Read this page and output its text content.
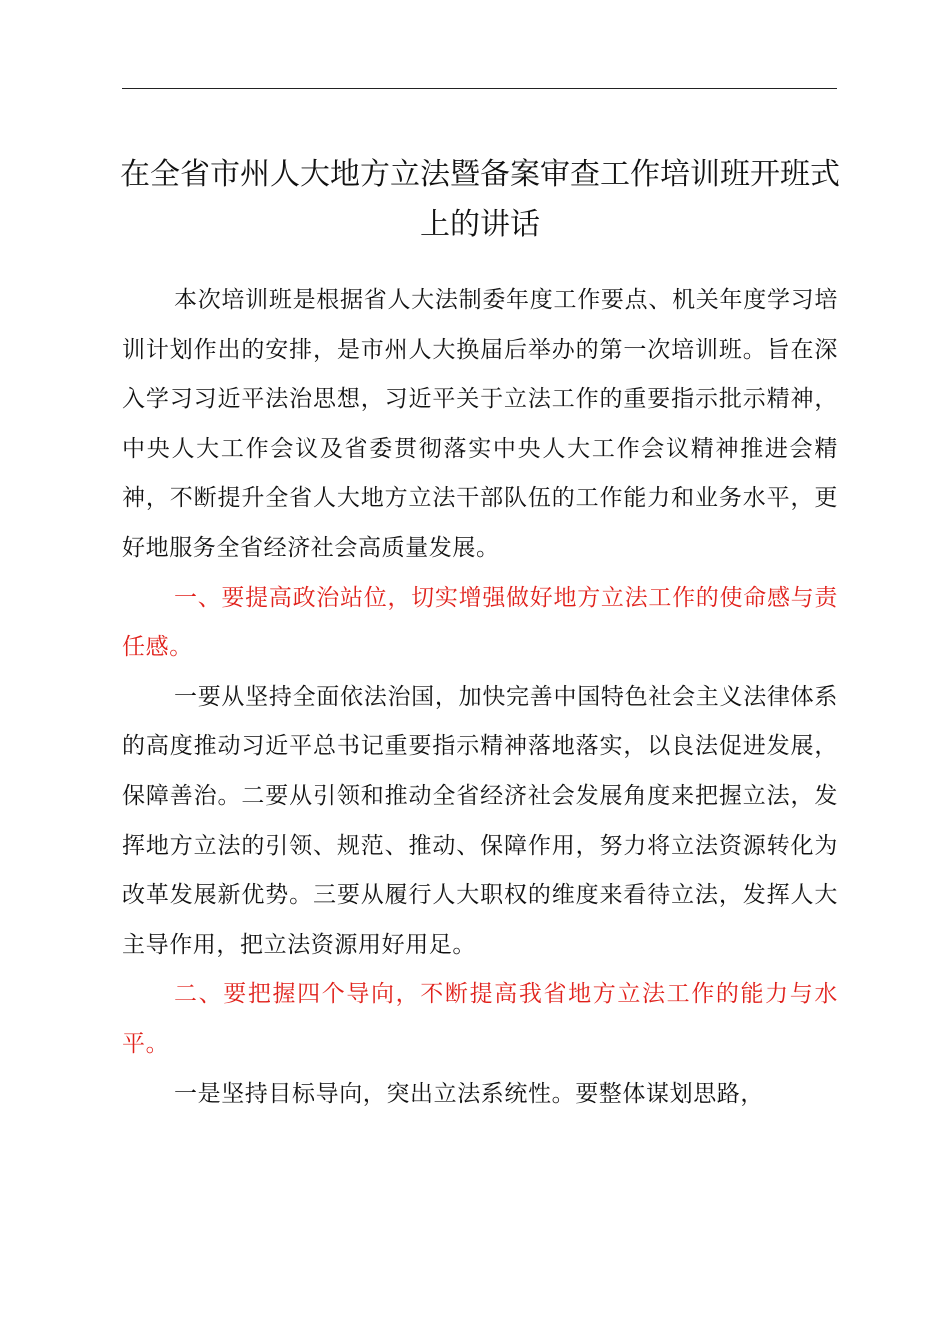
在全省市州人大地方立法暨备案审查工作培训班开班式上的讲话

本次培训班是根据省人大法制委年度工作要点、机关年度学习培训计划作出的安排，是市州人大换届后举办的第一次培训班。旨在深入学习习近平法治思想，习近平关于立法工作的重要指示批示精神，中央人大工作会议及省委贯彻落实中央人大工作会议精神推进会精神，不断提升全省人大地方立法干部队伍的工作能力和业务水平，更好地服务全省经济社会高质量发展。

一、要提高政治站位，切实增强做好地方立法工作的使命感与责任感。

一要从坚持全面依法治国，加快完善中国特色社会主义法律体系的高度推动习近平总书记重要指示精神落地落实，以良法促进发展，保障善治。二要从引领和推动全省经济社会发展角度来把握立法，发挥地方立法的引领、规范、推动、保障作用，努力将立法资源转化为改革发展新优势。三要从履行人大职权的维度来看待立法，发挥人大主导作用，把立法资源用好用足。

二、要把握四个导向，不断提高我省地方立法工作的能力与水平。

一是坚持目标导向，突出立法系统性。要整体谋划思路，
